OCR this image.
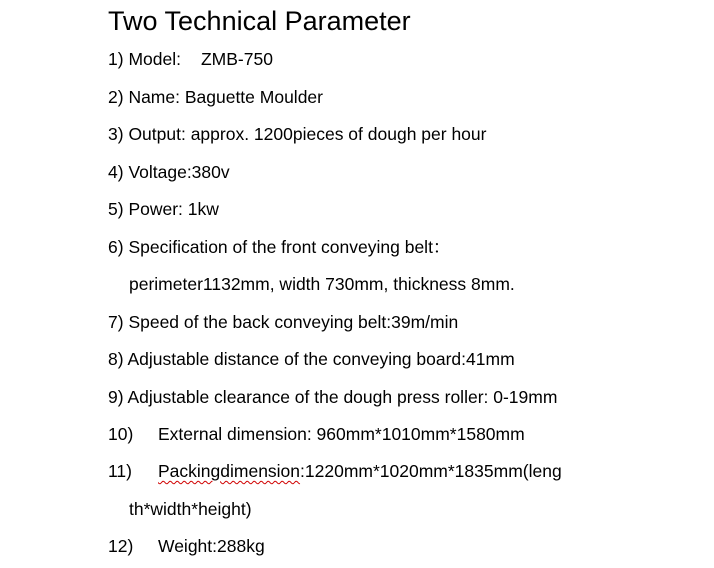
Two Technical Parameter
1) Model: ZMB-750
2) Name: Baguette Moulder
3) Output: approx. 1200pieces of dough per hour
4) Voltage:380v
5) Power: 1kw
6) Specification of the front conveying belt：
perimeter1132mm, width 730mm, thickness 8mm.
7) Speed of the back conveying belt:39m/min
8) Adjustable distance of the conveying board:41mm
9) Adjustable clearance of the dough press roller: 0-19mm
10) External dimension: 960mm*1010mm*1580mm
11) Packingdimension:1220mm*1020mm*1835mm(leng
th*width*height)
12) Weight:288kg
